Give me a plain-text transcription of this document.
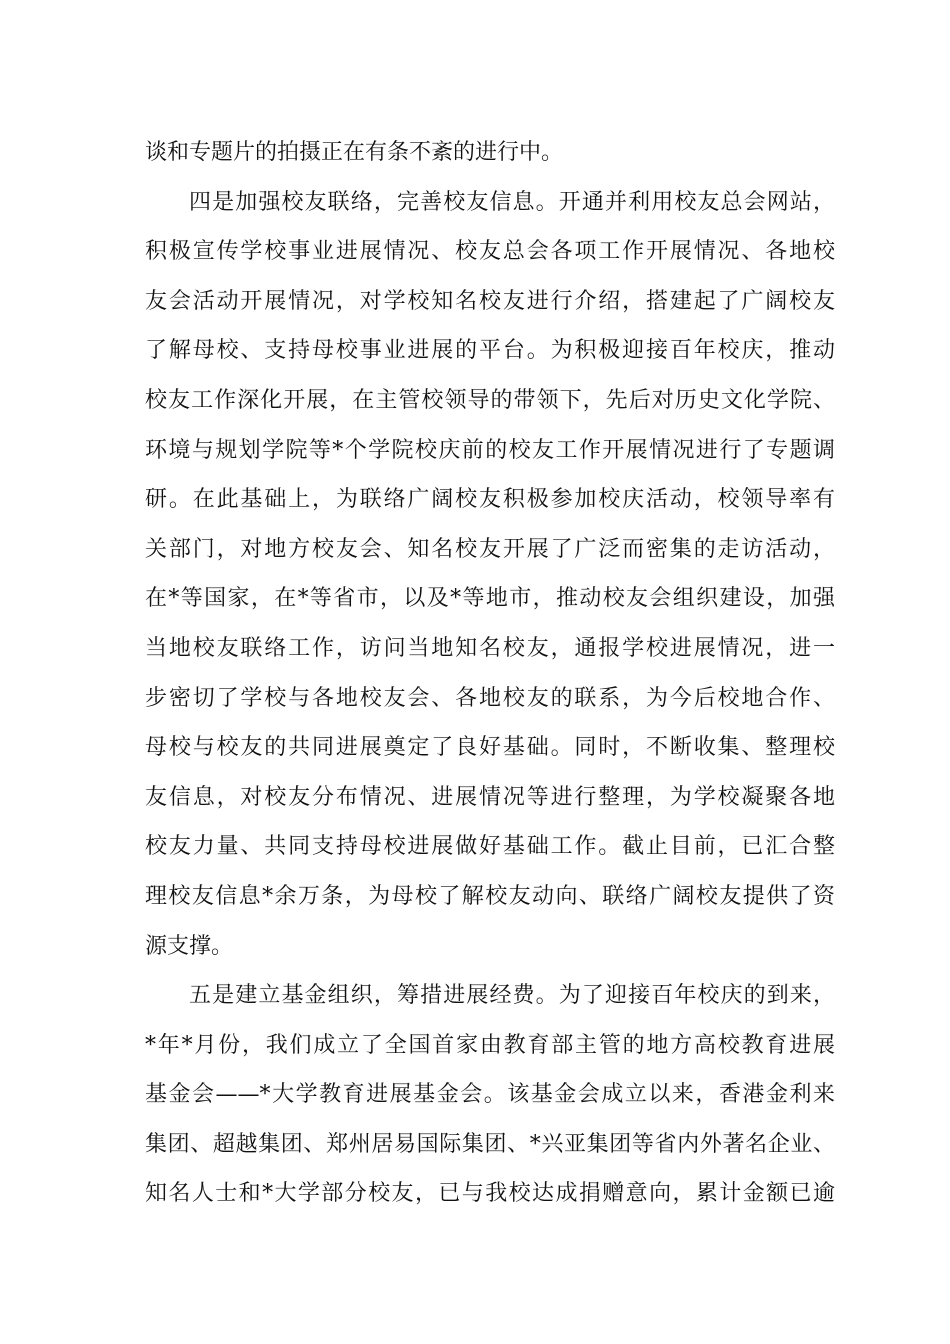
谈和专题片的拍摄正在有条不紊的进行中。
四是加强校友联络，完善校友信息。开通并利用校友总会网站，
积极宣传学校事业进展情况、校友总会各项工作开展情况、各地校
友会活动开展情况，对学校知名校友进行介绍，搭建起了广阔校友
了解母校、支持母校事业进展的平台。为积极迎接百年校庆，推动
校友工作深化开展，在主管校领导的带领下，先后对历史文化学院、
环境与规划学院等*个学院校庆前的校友工作开展情况进行了专题调
研。在此基础上，为联络广阔校友积极参加校庆活动，校领导率有
关部门，对地方校友会、知名校友开展了广泛而密集的走访活动，
在*等国家，在*等省市，以及*等地市，推动校友会组织建设，加强
当地校友联络工作，访问当地知名校友，通报学校进展情况，进一
步密切了学校与各地校友会、各地校友的联系，为今后校地合作、
母校与校友的共同进展奠定了良好基础。同时，不断收集、整理校
友信息，对校友分布情况、进展情况等进行整理，为学校凝聚各地
校友力量、共同支持母校进展做好基础工作。截止目前，已汇合整
理校友信息*余万条，为母校了解校友动向、联络广阔校友提供了资
源支撑。
五是建立基金组织，筹措进展经费。为了迎接百年校庆的到来，
*年*月份，我们成立了全国首家由教育部主管的地方高校教育进展
基金会——*大学教育进展基金会。该基金会成立以来，香港金利来
集团、超越集团、郑州居易国际集团、*兴亚集团等省内外著名企业、
知名人士和*大学部分校友，已与我校达成捐赠意向，累计金额已逾
